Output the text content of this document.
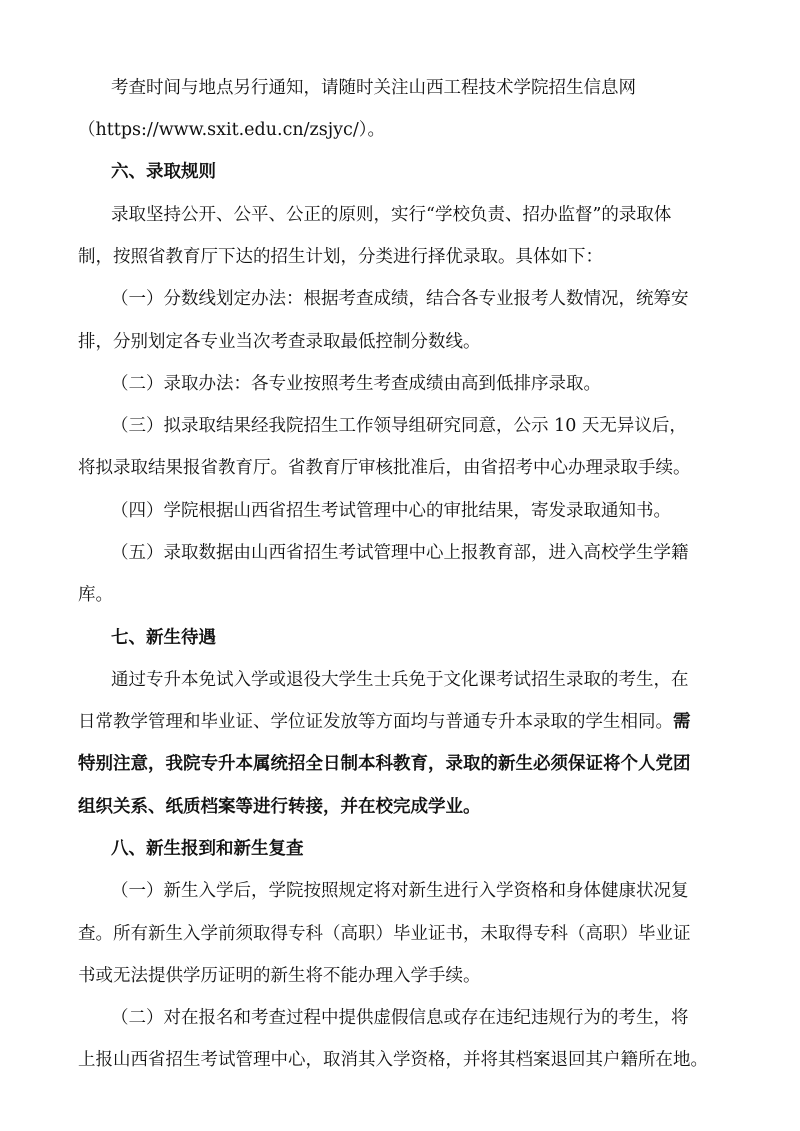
考查时间与地点另行通知，请随时关注山西工程技术学院招生信息网
（https://www.sxit.edu.cn/zsjyc/）。
六、录取规则
录取坚持公开、公平、公正的原则，实行“学校负责、招办监督”的录取体
制，按照省教育厅下达的招生计划，分类进行择优录取。具体如下：
（一）分数线划定办法：根据考查成绩，结合各专业报考人数情况，统筹安
排，分别划定各专业当次考查录取最低控制分数线。
（二）录取办法：各专业按照考生考查成绩由高到低排序录取。
（三）拟录取结果经我院招生工作领导组研究同意，公示 10 天无异议后，
将拟录取结果报省教育厅。省教育厅审核批准后，由省招考中心办理录取手续。
（四）学院根据山西省招生考试管理中心的审批结果，寄发录取通知书。
（五）录取数据由山西省招生考试管理中心上报教育部，进入高校学生学籍
库。
七、新生待遇
通过专升本免试入学或退役大学生士兵免于文化课考试招生录取的考生，在
日常教学管理和毕业证、学位证发放等方面均与普通专升本录取的学生相同。需
特别注意，我院专升本属统招全日制本科教育，录取的新生必须保证将个人党团
组织关系、纸质档案等进行转接，并在校完成学业。
八、新生报到和新生复查
（一）新生入学后，学院按照规定将对新生进行入学资格和身体健康状况复
查。所有新生入学前须取得专科（高职）毕业证书，未取得专科（高职）毕业证
书或无法提供学历证明的新生将不能办理入学手续。
（二）对在报名和考查过程中提供虚假信息或存在违纪违规行为的考生，将
上报山西省招生考试管理中心，取消其入学资格，并将其档案退回其户籍所在地。
